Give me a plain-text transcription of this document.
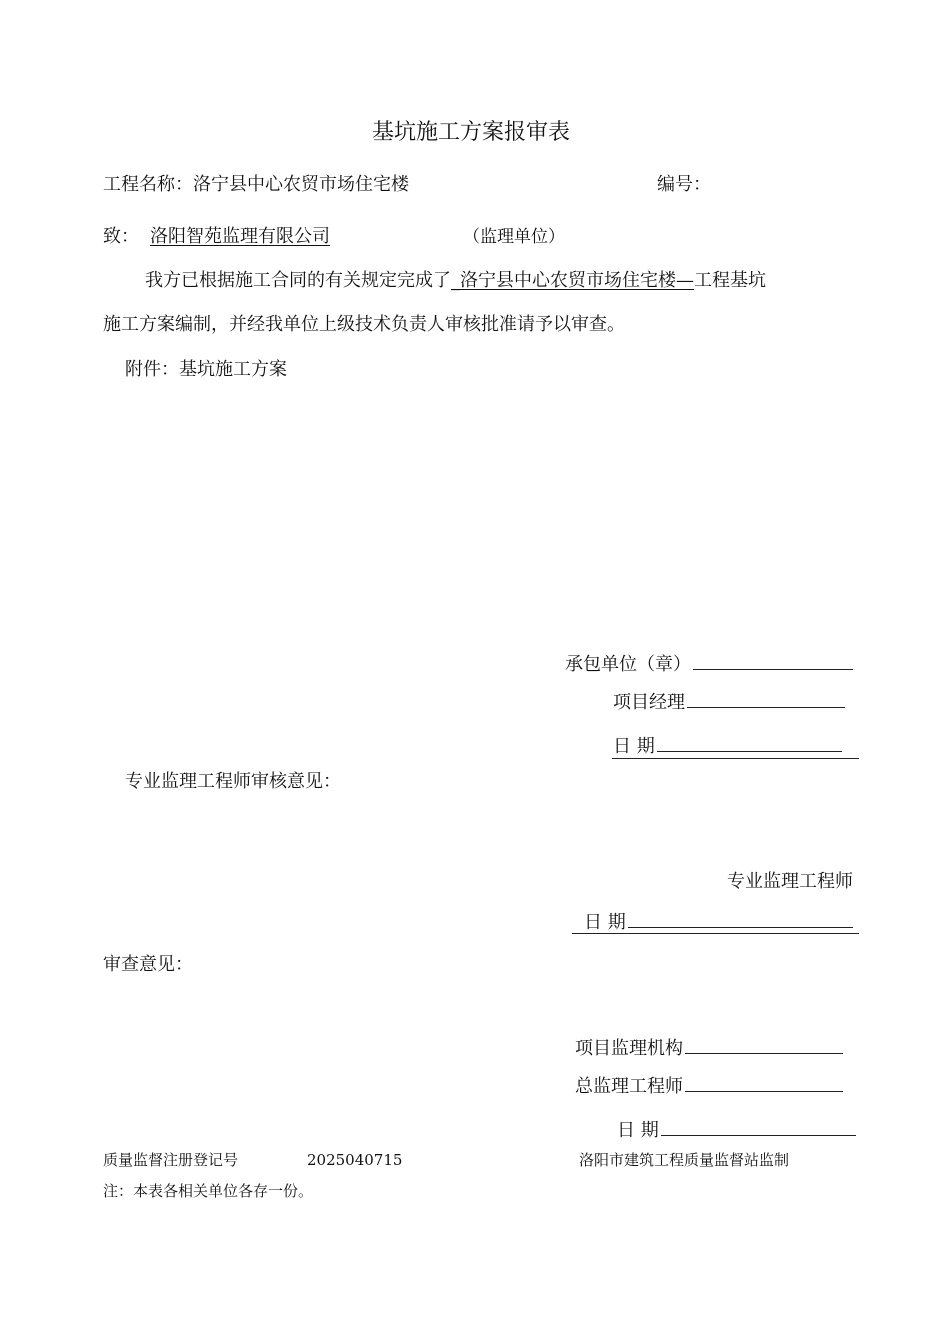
基坑施工方案报审表
工程名称：洛宁县中心农贸市场住宅楼	编号：
致： 洛阳智苑监理有限公司	（监理单位）
我方已根据施工合同的有关规定完成了_洛宁县中心农贸市场住宅楼—工程基坑
施工方案编制，并经我单位上级技术负责人审核批准请予以审查。
附件：基坑施工方案
承包单位（章）
项目经理
日 期
专业监理工程师审核意见：
专业监理工程师
日 期
审查意见：
项目监理机构
总监理工程师
日 期
质量监督注册登记号	2025040715	洛阳市建筑工程质量监督站监制
注：本表各相关单位各存一份。
